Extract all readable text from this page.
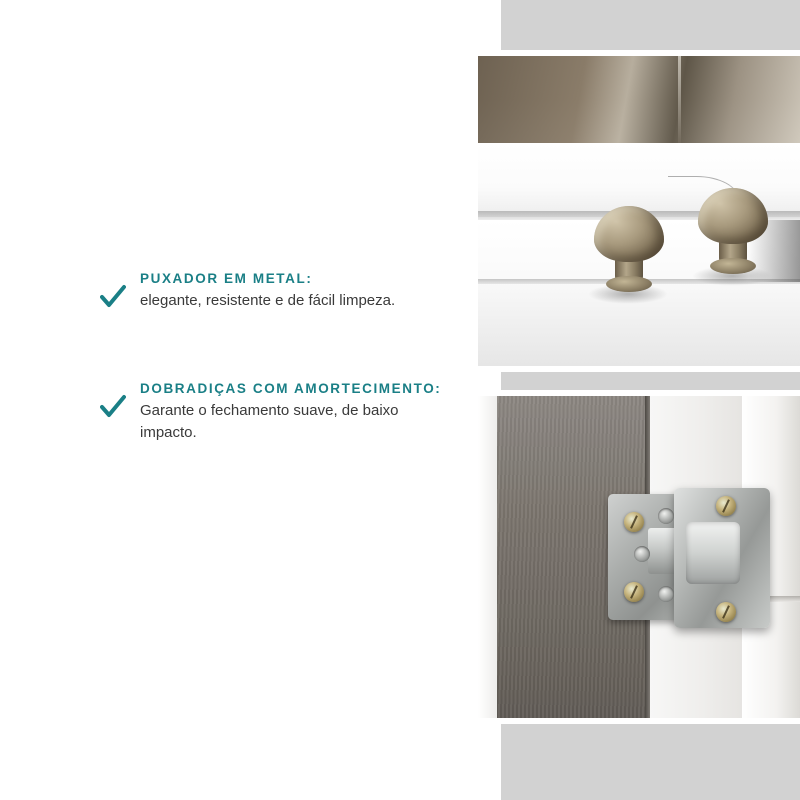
PUXADOR EM METAL:

elegante, resistente e de fácil limpeza.

DOBRADIÇAS COM AMORTECIMENTO:

Garante o fechamento suave, de baixo impacto.
